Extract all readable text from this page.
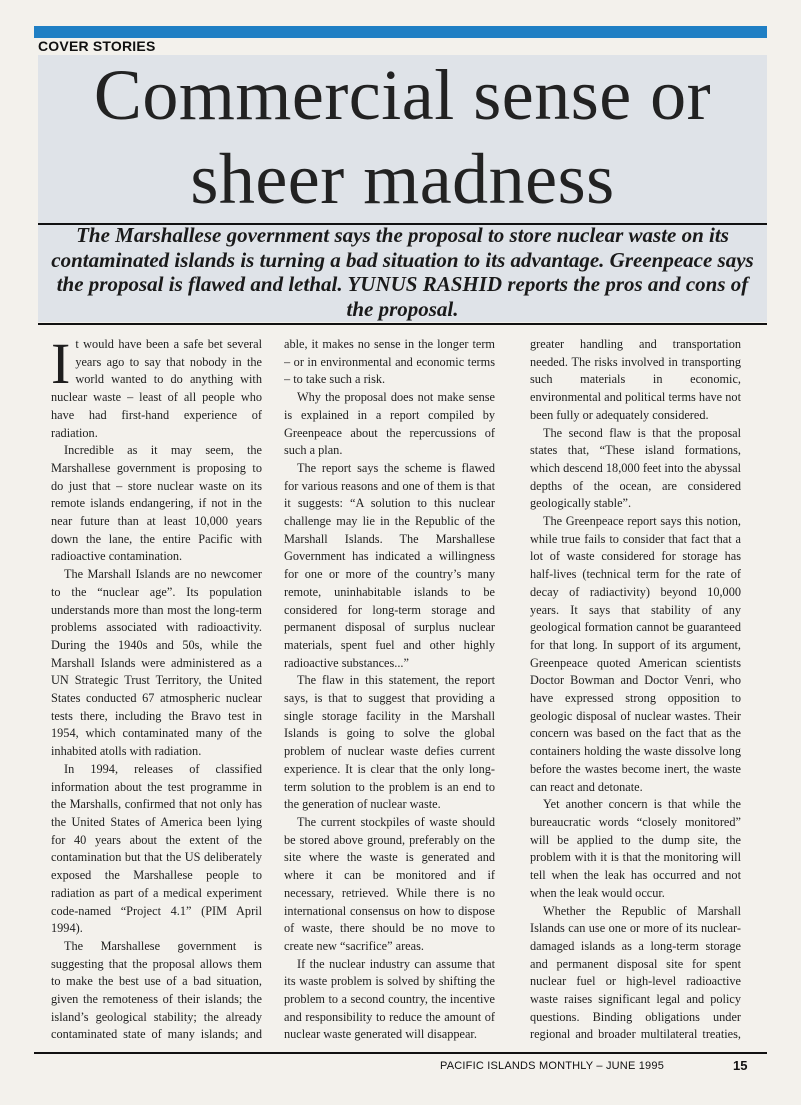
COVER STORIES
Commercial sense or sheer madness

The Marshallese government says the proposal to store nuclear waste on its contaminated islands is turning a bad situation to its advantage. Greenpeace says the proposal is flawed and lethal. YUNUS RASHID reports the pros and cons of the proposal.

It would have been a safe bet several years ago to say that nobody in the world wanted to do anything with nuclear waste – least of all people who have had first-hand experience of radiation.

Incredible as it may seem, the Marshallese government is proposing to do just that – store nuclear waste on its remote islands endangering, if not in the near future than at least 10,000 years down the lane, the entire Pacific with radioactive contamination.

The Marshall Islands are no newcomer to the “nuclear age”. Its population understands more than most the long-term problems associated with radioactivity. During the 1940s and 50s, while the Marshall Islands were administered as a UN Strategic Trust Territory, the United States conducted 67 atmospheric nuclear tests there, including the Bravo test in 1954, which contaminated many of the inhabited atolls with radiation.

In 1994, releases of classified information about the test programme in the Marshalls, confirmed that not only has the United States of America been lying for 40 years about the extent of the contamination but that the US deliberately exposed the Marshallese people to radiation as part of a medical experiment code-named “Project 4.1” (PIM April 1994).

The Marshallese government is suggesting that the proposal allows them to make the best use of a bad situation, given the remoteness of their islands; the island’s geological stability; the already contaminated state of many islands; and

able, it makes no sense in the longer term – or in environmental and economic terms – to take such a risk.

Why the proposal does not make sense is explained in a report compiled by Greenpeace about the repercussions of such a plan.

The report says the scheme is flawed for various reasons and one of them is that it suggests: “A solution to this nuclear challenge may lie in the Republic of the Marshall Islands. The Marshallese Government has indicated a willingness for one or more of the country’s many remote, uninhabitable islands to be considered for long-term storage and permanent disposal of surplus nuclear materials, spent fuel and other highly radioactive substances...”

The flaw in this statement, the report says, is that to suggest that providing a single storage facility in the Marshall Islands is going to solve the global problem of nuclear waste defies current experience. It is clear that the only long-term solution to the problem is an end to the generation of nuclear waste.

The current stockpiles of waste should be stored above ground, preferably on the site where the waste is generated and where it can be monitored and if necessary, retrieved. While there is no international consensus on how to dispose of waste, there should be no move to create new “sacrifice” areas.

If the nuclear industry can assume that its waste problem is solved by shifting the problem to a second country, the incentive and responsibility to reduce the amount of nuclear waste generated will disappear.

greater handling and transportation needed. The risks involved in transporting such materials in economic, environmental and political terms have not been fully or adequately considered.

The second flaw is that the proposal states that, “These island formations, which descend 18,000 feet into the abyssal depths of the ocean, are considered geologically stable”.

The Greenpeace report says this notion, while true fails to consider that fact that a lot of waste considered for storage has half-lives (technical term for the rate of decay of radiactivity) beyond 10,000 years. It says that stability of any geological formation cannot be guaranteed for that long. In support of its argument, Greenpeace quoted American scientists Doctor Bowman and Doctor Venri, who have expressed strong opposition to geologic disposal of nuclear wastes. Their concern was based on the fact that as the containers holding the waste dissolve long before the wastes become inert, the waste can react and detonate.

Yet another concern is that while the bureaucratic words “closely monitored” will be applied to the dump site, the problem with it is that the monitoring will tell when the leak has occurred and not when the leak would occur.

Whether the Republic of Marshall Islands can use one or more of its nuclear-damaged islands as a long-term storage and permanent disposal site for spent nuclear fuel or high-level radioactive waste raises significant legal and policy questions. Binding obligations under regional and broader multilateral treaties,

PACIFIC ISLANDS MONTHLY – JUNE 1995	15
